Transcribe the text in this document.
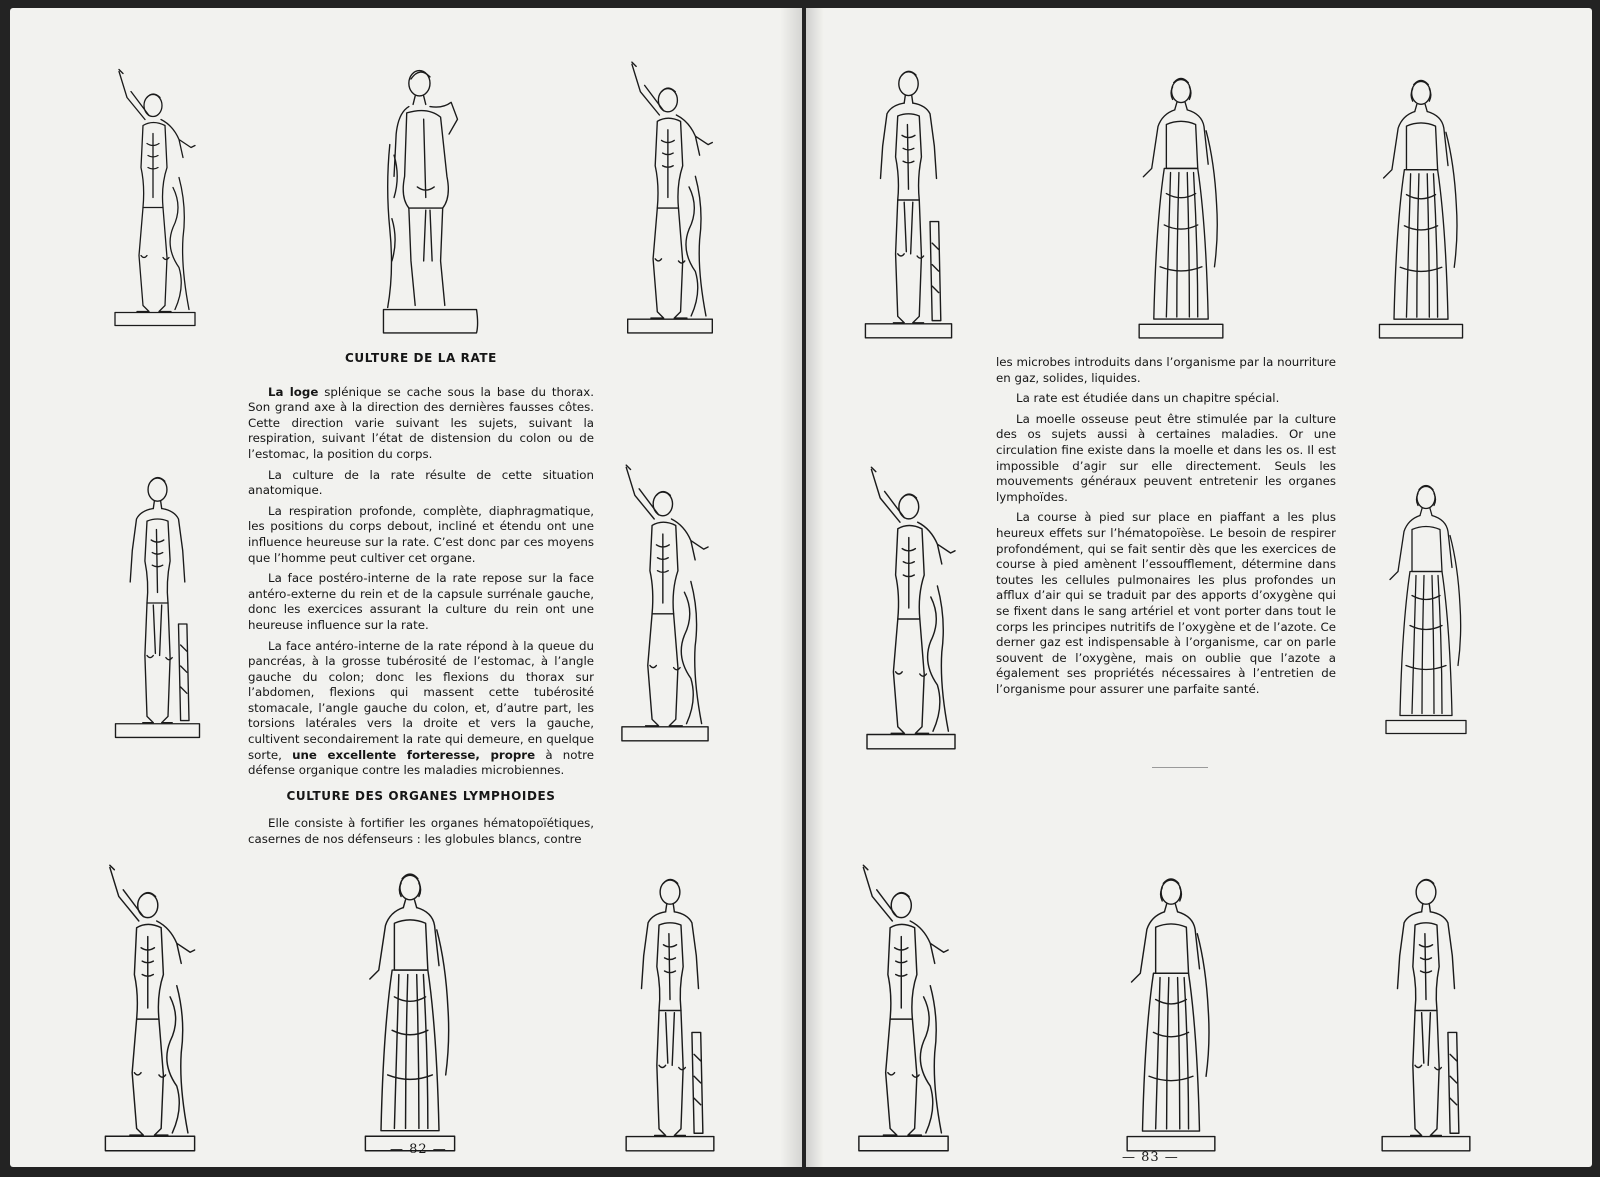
CULTURE DE LA RATE

La loge splénique se cache sous la base du thorax. Son grand axe à la direction des dernières fausses côtes. Cette direction varie suivant les sujets, suivant la respiration, suivant l’état de distension du colon ou de l’estomac, la position du corps.

La culture de la rate résulte de cette situation anatomique.

La respiration profonde, complète, diaphragmatique, les positions du corps debout, incliné et étendu ont une influence heureuse sur la rate. C’est donc par ces moyens que l’homme peut cultiver cet organe.

La face postéro-interne de la rate repose sur la face antéro-externe du rein et de la capsule surrénale gauche, donc les exercices assurant la culture du rein ont une heureuse influence sur la rate.

La face antéro-interne de la rate répond à la queue du pancréas, à la grosse tubérosité de l’estomac, à l’angle gauche du colon; donc les flexions du thorax sur l’abdomen, flexions qui massent cette tubérosité stomacale, l’angle gauche du colon, et, d’autre part, les torsions latérales vers la droite et vers la gauche, cultivent secondairement la rate qui demeure, en quelque sorte, une excellente forteresse, propre à notre défense organique contre les maladies microbiennes.

CULTURE DES ORGANES LYMPHOIDES

Elle consiste à fortifier les organes hématopoïétiques, casernes de nos défenseurs : les globules blancs, contre

— 82 —

les microbes introduits dans l’organisme par la nourriture en gaz, solides, liquides.

La rate est étudiée dans un chapitre spécial.

La moelle osseuse peut être stimulée par la culture des os sujets aussi à certaines maladies. Or une circulation fine existe dans la moelle et dans les os. Il est impossible d’agir sur elle directement. Seuls les mouvements généraux peuvent entretenir les organes lymphoïdes.

La course à pied sur place en piaffant a les plus heureux effets sur l’hématopoïèse. Le besoin de respirer profondément, qui se fait sentir dès que les exercices de course à pied amènent l’essoufflement, détermine dans toutes les cellules pulmonaires les plus profondes un afflux d’air qui se traduit par des apports d’oxygène qui se fixent dans le sang artériel et vont porter dans tout le corps les principes nutritifs de l’oxygène et de l’azote. Ce derner gaz est indispensable à l’organisme, car on parle souvent de l’oxygène, mais on oublie que l’azote a également ses propriétés nécessaires à l’entretien de l’organisme pour assurer une parfaite santé.

— 83 —
